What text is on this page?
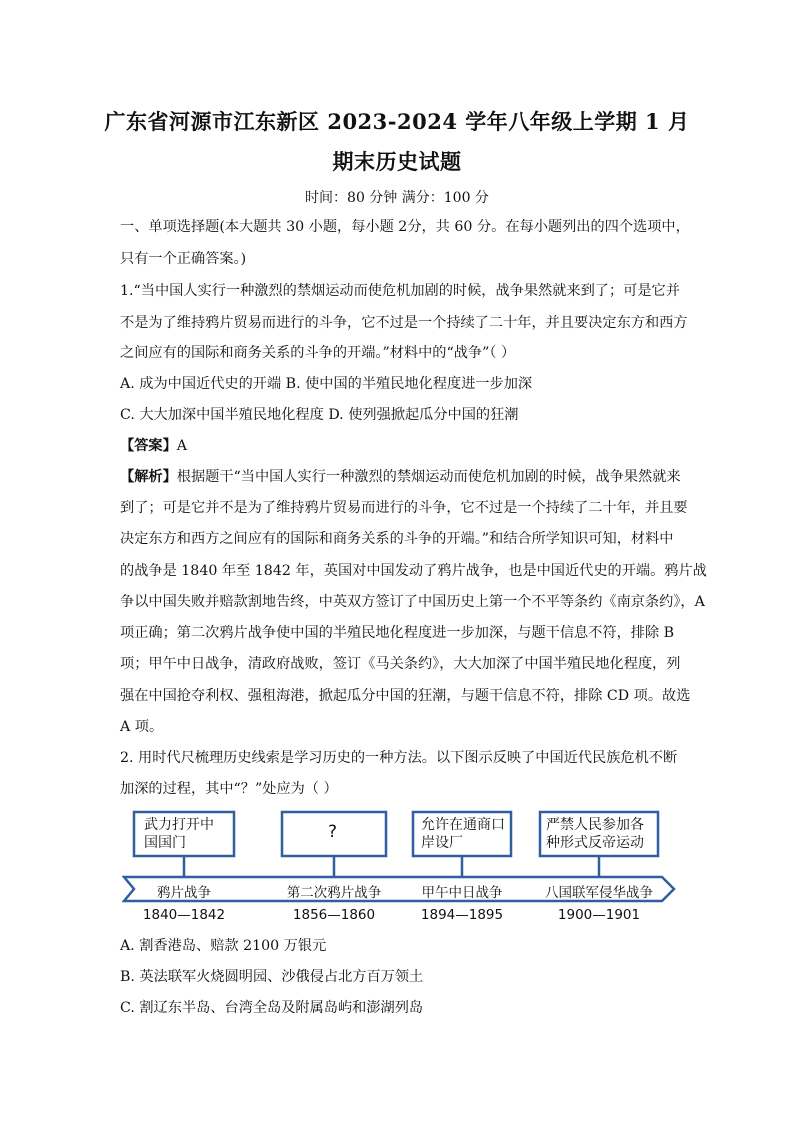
广东省河源市江东新区 2023-2024 学年八年级上学期 1 月
期末历史试题
时间：80 分钟 满分：100 分
一、单项选择题(本大题共 30 小题，每小题 2分，共 60 分。在每小题列出的四个选项中，
只有一个正确答案。)
1.“当中国人实行一种激烈的禁烟运动而使危机加剧的时候，战争果然就来到了；可是它并
不是为了维持鸦片贸易而进行的斗争，它不过是一个持续了二十年，并且要决定东方和西方
之间应有的国际和商务关系的斗争的开端。”材料中的“战争”（ ）
A. 成为中国近代史的开端 B. 使中国的半殖民地化程度进一步加深
C. 大大加深中国半殖民地化程度 D. 使列强掀起瓜分中国的狂潮
【答案】A
【解析】根据题干“当中国人实行一种激烈的禁烟运动而使危机加剧的时候，战争果然就来
到了；可是它并不是为了维持鸦片贸易而进行的斗争，它不过是一个持续了二十年，并且要
决定东方和西方之间应有的国际和商务关系的斗争的开端。”和结合所学知识可知，材料中
的战争是 1840 年至 1842 年，英国对中国发动了鸦片战争，也是中国近代史的开端。鸦片战
争以中国失败并赔款割地告终，中英双方签订了中国历史上第一个不平等条约《南京条约》，A
项正确；第二次鸦片战争使中国的半殖民地化程度进一步加深，与题干信息不符，排除 B
项；甲午中日战争，清政府战败，签订《马关条约》，大大加深了中国半殖民地化程度，列
强在中国抢夺利权、强租海港，掀起瓜分中国的狂潮，与题干信息不符，排除 CD 项。故选
A 项。
2. 用时代尺梳理历史线索是学习历史的一种方法。以下图示反映了中国近代民族危机不断
加深的过程，其中“？”处应为（ ）
武力打开中
国国门
?	允许在通商口
岸设厂
严禁人民参加各
种形式反帝运动
鸦片战争	第二次鸦片战争	甲午中日战争	八国联军侵华战争
1840—1842	1856—1860	1894—1895	1900—1901
A. 割香港岛、赔款 2100 万银元
B. 英法联军火烧圆明园、沙俄侵占北方百万领土
C. 割辽东半岛、台湾全岛及附属岛屿和澎湖列岛
